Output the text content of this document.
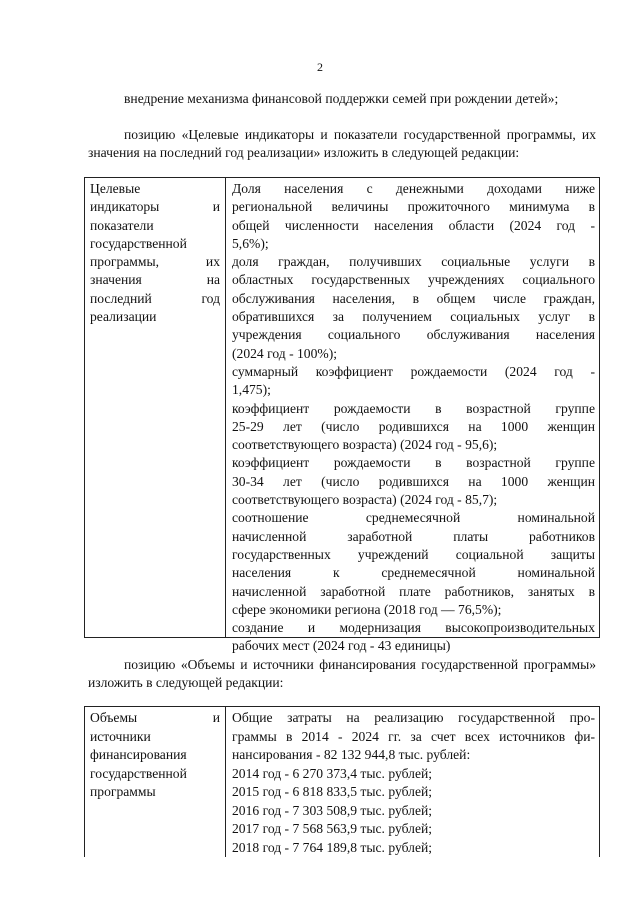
2
внедрение механизма финансовой поддержки семей при рождении детей»;
позицию «Целевые индикаторы и показатели государственной программы, их значения на последний год реализации» изложить в следующей редакции:
Целевые
индикаторы и
показатели
государственной
программы, их
значения на
последний год
реализации
Доля населения с денежными доходами ниже
региональной величины прожиточного минимума в
общей численности населения области (2024 год -
5,6%);
доля граждан, получивших социальные услуги в
областных государственных учреждениях социального
обслуживания населения, в общем числе граждан,
обратившихся за получением социальных услуг в
учреждения социального обслуживания населения
(2024 год - 100%);
суммарный коэффициент рождаемости (2024 год -
1,475);
коэффициент рождаемости в возрастной группе
25-29 лет (число родившихся на 1000 женщин
соответствующего возраста) (2024 год - 95,6);
коэффициент рождаемости в возрастной группе
30-34 лет (число родившихся на 1000 женщин
соответствующего возраста) (2024 год - 85,7);
соотношение среднемесячной номинальной
начисленной заработной платы работников
государственных учреждений социальной защиты
населения к среднемесячной номинальной
начисленной заработной плате работников, занятых в
сфере экономики региона (2018 год — 76,5%);
создание и модернизация высокопроизводительных
рабочих мест (2024 год - 43 единицы)
позицию «Объемы и источники финансирования государственной программы» изложить в следующей редакции:
Объемы и
источники
финансирования
государственной
программы
Общие затраты на реализацию государственной про-
граммы в 2014 - 2024 гг. за счет всех источников фи-
нансирования - 82 132 944,8 тыс. рублей:
2014 год - 6 270 373,4 тыс. рублей;
2015 год - 6 818 833,5 тыс. рублей;
2016 год - 7 303 508,9 тыс. рублей;
2017 год - 7 568 563,9 тыс. рублей;
2018 год - 7 764 189,8 тыс. рублей;
